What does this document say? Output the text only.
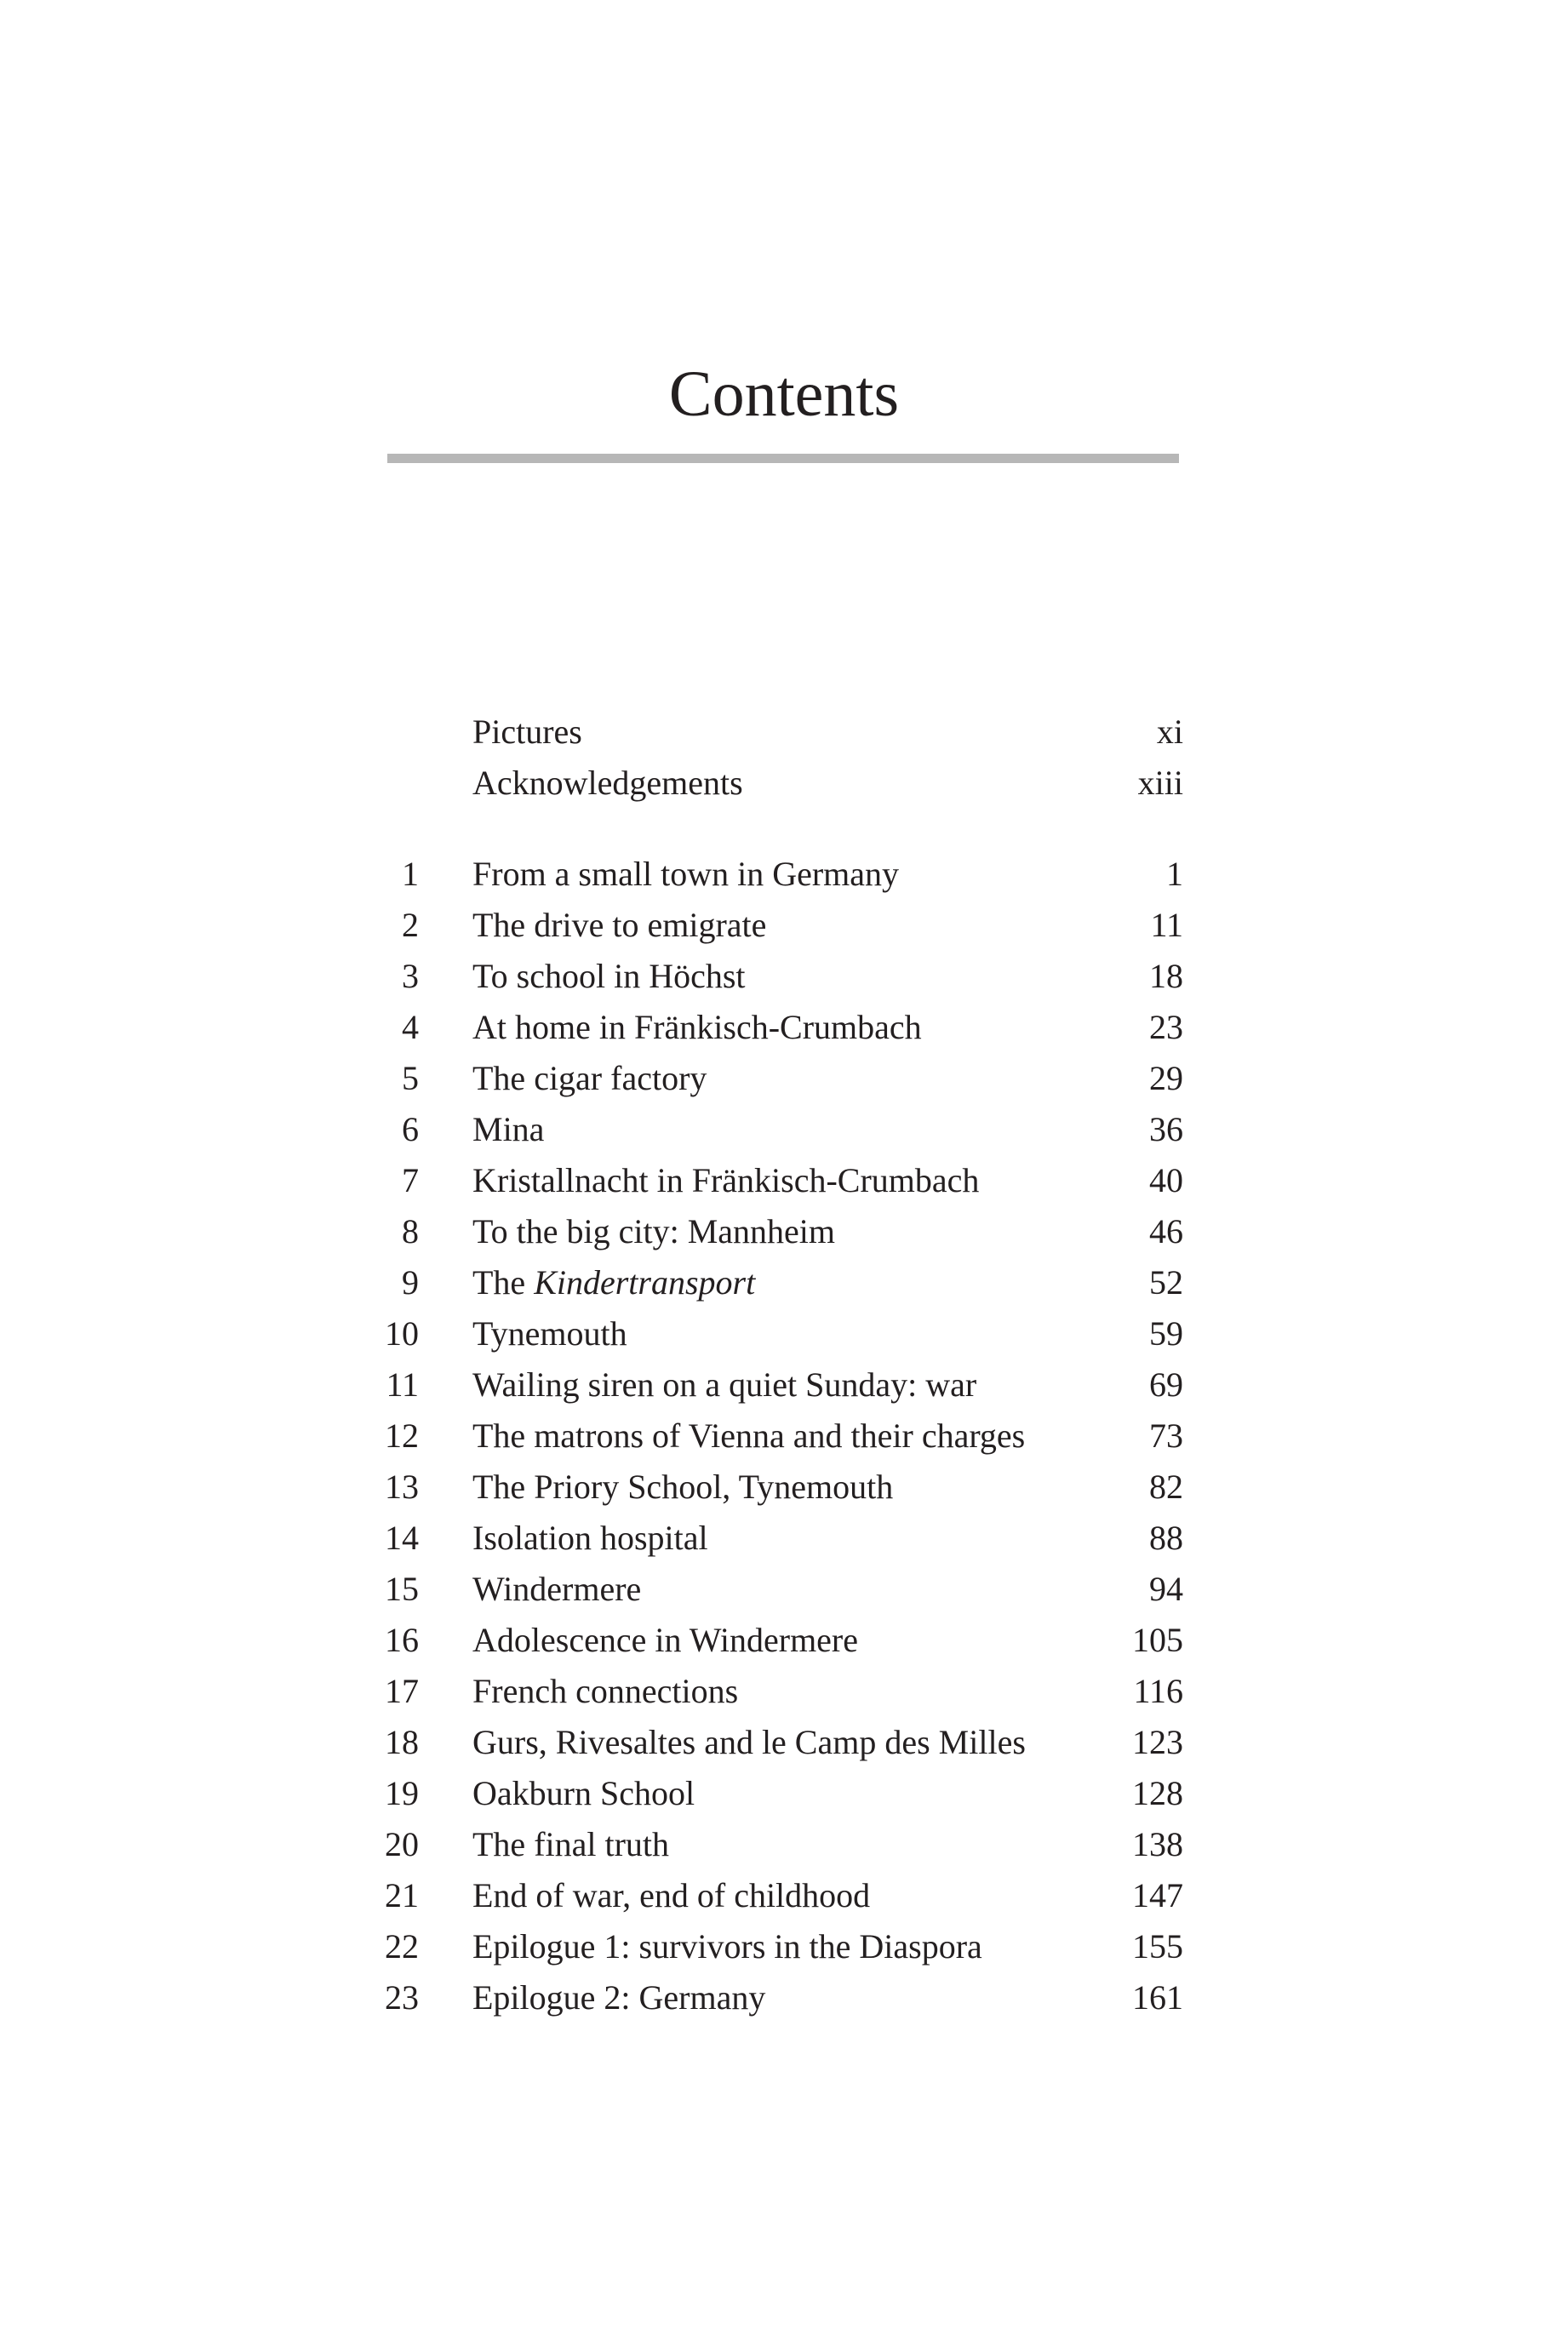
Contents
Pictures	xi
Acknowledgements	xiii
1 From a small town in Germany	1
2 The drive to emigrate	11
3 To school in Höchst	18
4 At home in Fränkisch-Crumbach	23
5 The cigar factory	29
6 Mina	36
7 Kristallnacht in Fränkisch-Crumbach	40
8 To the big city: Mannheim	46
9 The Kindertransport	52
10 Tynemouth	59
11 Wailing siren on a quiet Sunday: war	69
12 The matrons of Vienna and their charges	73
13 The Priory School, Tynemouth	82
14 Isolation hospital	88
15 Windermere	94
16 Adolescence in Windermere	105
17 French connections	116
18 Gurs, Rivesaltes and le Camp des Milles	123
19 Oakburn School	128
20 The final truth	138
21 End of war, end of childhood	147
22 Epilogue 1: survivors in the Diaspora	155
23 Epilogue 2: Germany	161
